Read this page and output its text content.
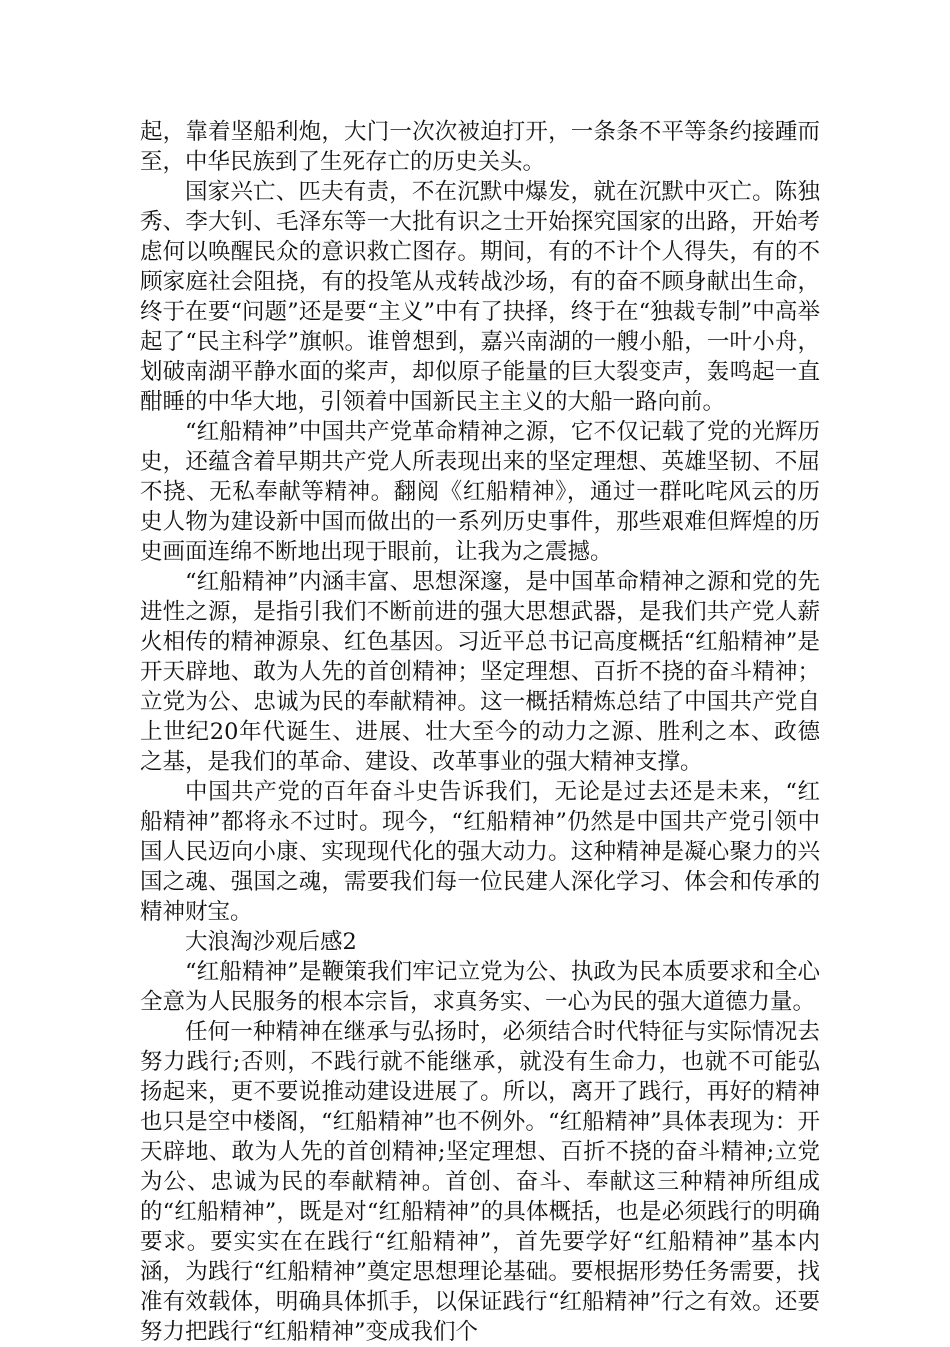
起，靠着坚船利炮，大门一次次被迫打开，一条条不平等条约接踵而至，中华民族到了生死存亡的历史关头。

国家兴亡、匹夫有责，不在沉默中爆发，就在沉默中灭亡。陈独秀、李大钊、毛泽东等一大批有识之士开始探究国家的出路，开始考虑何以唤醒民众的意识救亡图存。期间，有的不计个人得失，有的不顾家庭社会阻挠，有的投笔从戎转战沙场，有的奋不顾身献出生命，终于在要“问题”还是要“主义”中有了抉择，终于在“独裁专制”中高举起了“民主科学”旗帜。谁曾想到，嘉兴南湖的一艘小船，一叶小舟，划破南湖平静水面的桨声，却似原子能量的巨大裂变声，轰鸣起一直酣睡的中华大地，引领着中国新民主主义的大船一路向前。

“红船精神”中国共产党革命精神之源，它不仅记载了党的光辉历史，还蕴含着早期共产党人所表现出来的坚定理想、英雄坚韧、不屈不挠、无私奉献等精神。翻阅《红船精神》，通过一群叱咤风云的历史人物为建设新中国而做出的一系列历史事件，那些艰难但辉煌的历史画面连绵不断地出现于眼前，让我为之震撼。

“红船精神”内涵丰富、思想深邃，是中国革命精神之源和党的先进性之源，是指引我们不断前进的强大思想武器，是我们共产党人薪火相传的精神源泉、红色基因。习近平总书记高度概括“红船精神”是开天辟地、敢为人先的首创精神；坚定理想、百折不挠的奋斗精神；立党为公、忠诚为民的奉献精神。这一概括精炼总结了中国共产党自上世纪20年代诞生、进展、壮大至今的动力之源、胜利之本、政德之基，是我们的革命、建设、改革事业的强大精神支撑。

中国共产党的百年奋斗史告诉我们，无论是过去还是未来，“红船精神”都将永不过时。现今，“红船精神”仍然是中国共产党引领中国人民迈向小康、实现现代化的强大动力。这种精神是凝心聚力的兴国之魂、强国之魂，需要我们每一位民建人深化学习、体会和传承的精神财宝。

大浪淘沙观后感2

“红船精神”是鞭策我们牢记立党为公、执政为民本质要求和全心全意为人民服务的根本宗旨，求真务实、一心为民的强大道德力量。

任何一种精神在继承与弘扬时，必须结合时代特征与实际情况去努力践行;否则，不践行就不能继承，就没有生命力，也就不可能弘扬起来，更不要说推动建设进展了。所以，离开了践行，再好的精神也只是空中楼阁，“红船精神”也不例外。“红船精神”具体表现为：开天辟地、敢为人先的首创精神;坚定理想、百折不挠的奋斗精神;立党为公、忠诚为民的奉献精神。首创、奋斗、奉献这三种精神所组成的“红船精神”，既是对“红船精神”的具体概括，也是必须践行的明确要求。要实实在在践行“红船精神”，首先要学好“红船精神”基本内涵，为践行“红船精神”奠定思想理论基础。要根据形势任务需要，找准有效载体，明确具体抓手，以保证践行“红船精神”行之有效。还要努力把践行“红船精神”变成我们个
